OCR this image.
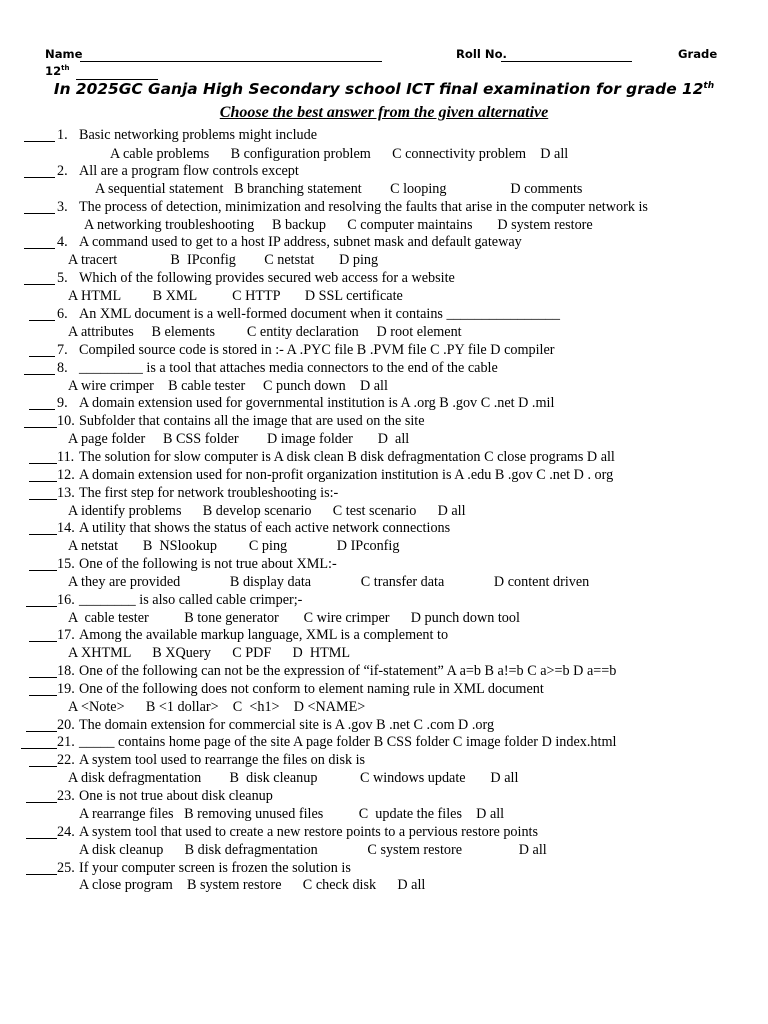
Name	Roll No.	Grade
12th
In 2025GC Ganja High Secondary school ICT final examination for grade 12th
Choose the best answer from the given alternative
1. Basic networking problems might include
A cable problems      B configuration problem      C connectivity problem    D all
2. All are a program flow controls except
A sequential statement   B branching statement        C looping                  D comments
3. The process of detection, minimization and resolving the faults that arise in the computer network is
A networking troubleshooting     B backup      C computer maintains       D system restore
4. A command used to get to a host IP address, subnet mask and default gateway
A tracert               B  IPconfig        C netstat       D ping
5. Which of the following provides secured web access for a website
A HTML         B XML          C HTTP       D SSL certificate
6. An XML document is a well-formed document when it contains ________________
A attributes     B elements         C entity declaration     D root element
7. Compiled source code is stored in :- A .PYC file B .PVM file C .PY file D compiler
8. _________ is a tool that attaches media connectors to the end of the cable
A wire crimper    B cable tester     C punch down    D all
9. A domain extension used for governmental institution is A .org B .gov C .net D .mil
10. Subfolder that contains all the image that are used on the site
A page folder     B CSS folder        D image folder       D  all
11. The solution for slow computer is A disk clean B disk defragmentation C close programs D all
12. A domain extension used for non-profit organization institution is A .edu B .gov C .net D . org
13. The first step for network troubleshooting is:-
A identify problems      B develop scenario      C test scenario      D all
14. A utility that shows the status of each active network connections
A netstat       B  NSlookup         C ping              D IPconfig
15. One of the following is not true about XML:-
A they are provided              B display data              C transfer data              D content driven
16. ________ is also called cable crimper;-
A  cable tester          B tone generator       C wire crimper      D punch down tool
17. Among the available markup language, XML is a complement to
A XHTML      B XQuery      C PDF      D  HTML
18. One of the following can not be the expression of “if-statement” A a=b B a!=b C a>=b D a==b
19. One of the following does not conform to element naming rule in XML document
A <Note>      B <1 dollar>    C  <h1>    D <NAME>
20. The domain extension for commercial site is A .gov B .net C .com D .org
21. _____ contains home page of the site A page folder B CSS folder C image folder D index.html
22. A system tool used to rearrange the files on disk is
A disk defragmentation        B  disk cleanup            C windows update       D all
23. One is not true about disk cleanup
A rearrange files   B removing unused files          C  update the files    D all
24. A system tool that used to create a new restore points to a pervious restore points
A disk cleanup      B disk defragmentation              C system restore                D all
25. If your computer screen is frozen the solution is
A close program    B system restore      C check disk      D all
